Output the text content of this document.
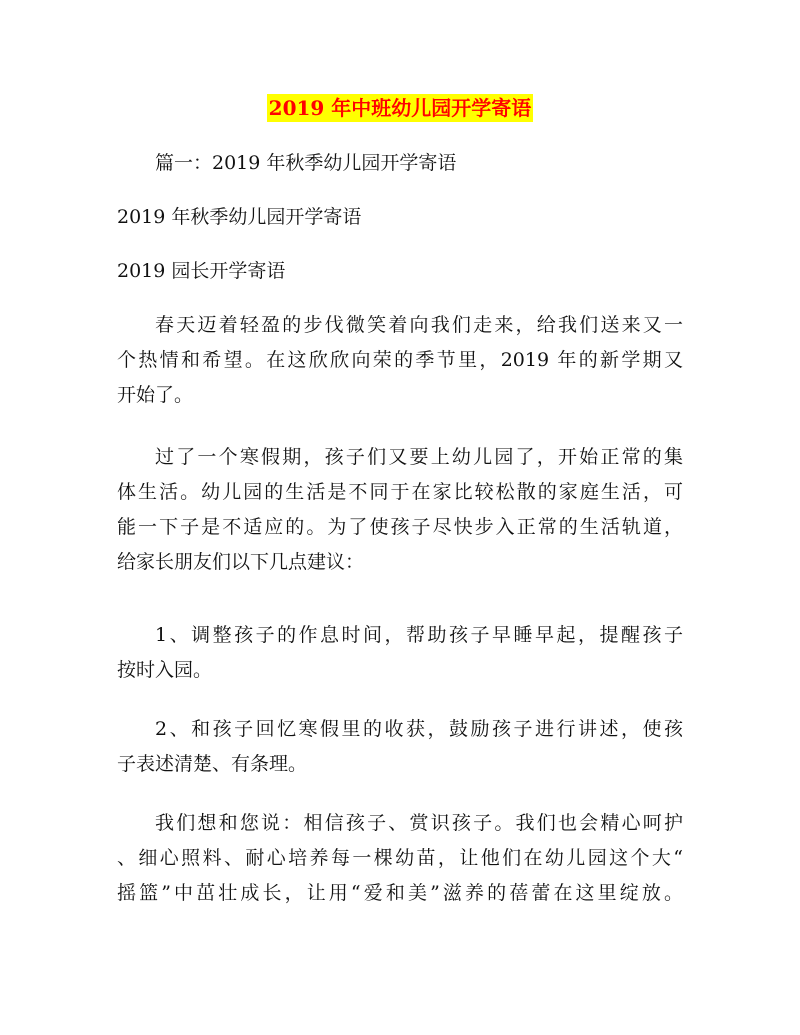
2019 年中班幼儿园开学寄语

篇一：2019 年秋季幼儿园开学寄语

2019 年秋季幼儿园开学寄语

2019 园长开学寄语

春天迈着轻盈的步伐微笑着向我们走来，给我们送来又一
个热情和希望。在这欣欣向荣的季节里，2019 年的新学期又
开始了。
过了一个寒假期，孩子们又要上幼儿园了，开始正常的集
体生活。幼儿园的生活是不同于在家比较松散的家庭生活，可
能一下子是不适应的。为了使孩子尽快步入正常的生活轨道，
给家长朋友们以下几点建议：
1、调整孩子的作息时间，帮助孩子早睡早起，提醒孩子
按时入园。
2、和孩子回忆寒假里的收获，鼓励孩子进行讲述，使孩
子表述清楚、有条理。
我们想和您说：相信孩子、赏识孩子。我们也会精心呵护
、细心照料、耐心培养每一棵幼苗，让他们在幼儿园这个大“
摇篮”中茁壮成长，让用“爱和美”滋养的蓓蕾在这里绽放。
